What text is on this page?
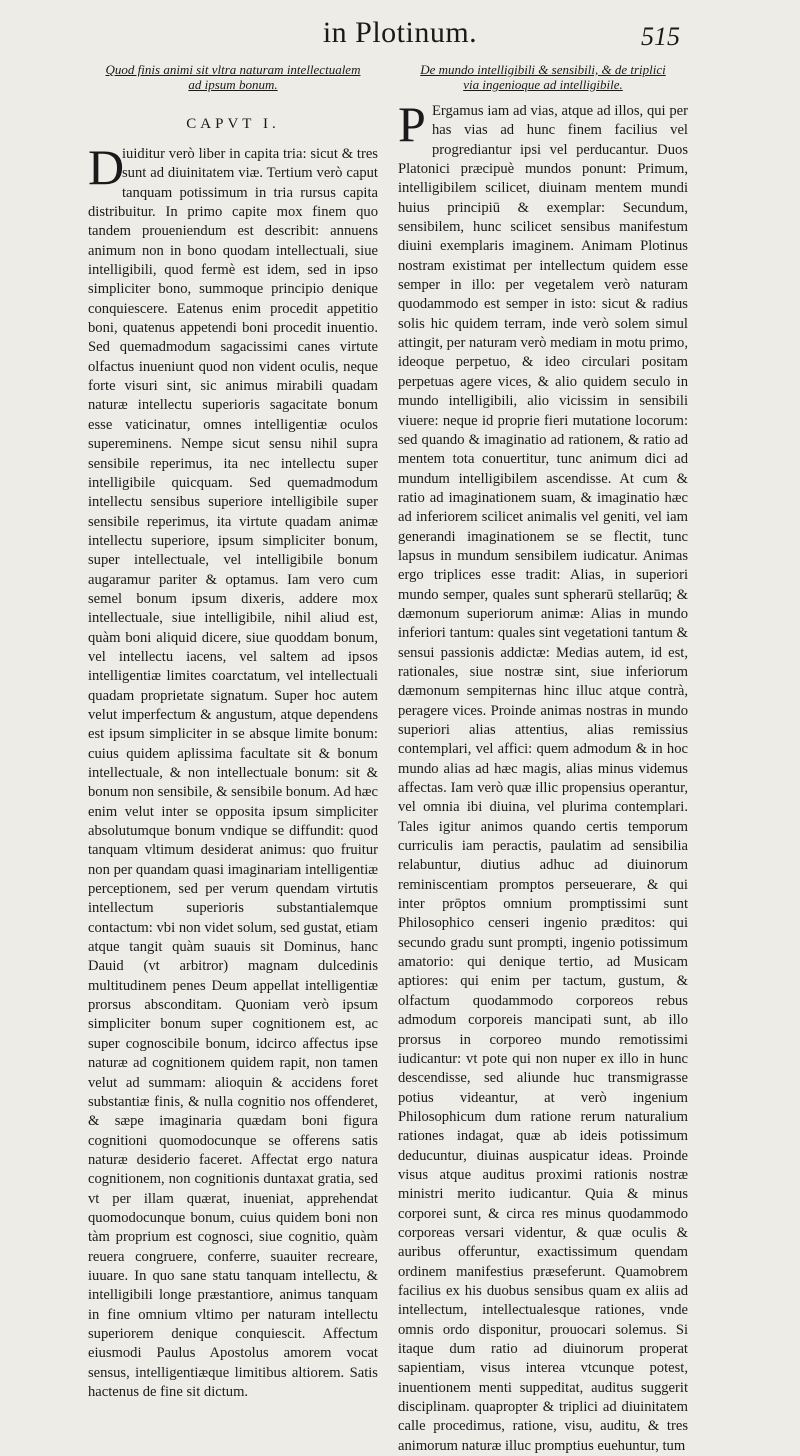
in Plotinum.	515

Quod finis animi sit vltra naturam intellectualem
ad ipsum bonum.

CAPVT I.

D
iuiditur verò liber in capita tria: sicut & tres sunt ad diuinitatem viæ. Tertium verò caput tanquam potissimum in tria rursus capita distribuitur. In primo capite mox finem quo tandem proueniendum est describit: annuens animum non in bono quodam intellectuali, siue intelligibili, quod fermè est idem, sed in ipso simpliciter bono, summoque principio denique conquiescere. Eatenus enim procedit appetitio boni, quatenus appetendi boni procedit inuentio. Sed quemadmodum sagacissimi canes virtute olfactus inueniunt quod non vident oculis, neque forte visuri sint, sic animus mirabili quadam naturæ intellectu superioris sagacitate bonum esse vaticinatur, omnes intelligentiæ oculos supereminens. Nempe sicut sensu nihil supra sensibile reperimus, ita nec intellectu super intelligibile quicquam. Sed quemadmodum intellectu sensibus superiore intelligibile super sensibile reperimus, ita virtute quadam animæ intellectu superiore, ipsum simpliciter bonum, super intellectuale, vel intelligibile bonum augaramur pariter & optamus. Iam vero cum semel bonum ipsum dixeris, addere mox intellectuale, siue intelligibile, nihil aliud est, quàm boni aliquid dicere, siue quoddam bonum, vel intellectu iacens, vel saltem ad ipsos intelligentiæ limites coarctatum, vel intellectuali quadam proprietate signatum. Super hoc autem velut imperfectum & angustum, atque dependens est ipsum simpliciter in se absque limite bonum: cuius quidem aplissima facultate sit & bonum intellectuale, & non intellectuale bonum: sit & bonum non sensibile, & sensibile bonum. Ad hæc enim velut inter se opposita ipsum simpliciter absolutumque bonum vndique se diffundit: quod tanquam vltimum desiderat animus: quo fruitur non per quandam quasi imaginariam intelligentiæ perceptionem, sed per verum quendam virtutis intellectum superioris substantialemque contactum: vbi non videt solum, sed gustat, etiam atque tangit quàm suauis sit Dominus, hanc Dauid (vt arbitror) magnam dulcedinis multitudinem penes Deum appellat intelligentiæ prorsus absconditam. Quoniam verò ipsum simpliciter bonum super cognitionem est, ac super cognoscibile bonum, idcirco affectus ipse naturæ ad cognitionem quidem rapit, non tamen velut ad summam: alioquin & accidens foret substantiæ finis, & nulla cognitio nos offenderet, & sæpe imaginaria quædam boni figura cognitioni quomodocunque se offerens satis naturæ desiderio faceret. Affectat ergo natura cognitionem, non cognitionis duntaxat gratia, sed vt per illam quærat, inueniat, apprehendat quomodocunque bonum, cuius quidem boni non tàm proprium est cognosci, siue cognitio, quàm reuera congruere, conferre, suauiter recreare, iuuare. In quo sane statu tanquam intellectu, & intelligibili longe præstantiore, animus tanquam in fine omnium vltimo per naturam intellectu superiorem denique conquiescit. Affectum eiusmodi Paulus Apostolus amorem vocat sensus, intelligentiæque limitibus altiorem. Satis hactenus de fine sit dictum.

De mundo intelligibili & sensibili, & de triplici
via ingenioque ad intelligibile.

P Ergamus iam ad vias, atque ad illos, qui per has vias ad hunc finem facilius vel progrediantur ipsi vel perducantur. Duos Platonici præcipuè mundos ponunt: Primum, intelligibilem scilicet, diuinam mentem mundi huius principiū & exemplar: Secundum, sensibilem, hunc scilicet sensibus manifestum diuini exemplaris imaginem. Animam Plotinus nostram existimat per intellectum quidem esse semper in illo: per vegetalem verò naturam quodammodo est semper in isto: sicut & radius solis hic quidem terram, inde verò solem simul attingit, per naturam verò mediam in motu primo, ideoque perpetuo, & ideo circulari positam perpetuas agere vices, & alio quidem seculo in mundo intelligibili, alio vicissim in sensibili viuere: neque id proprie fieri mutatione locorum: sed quando & imaginatio ad rationem, & ratio ad mentem tota conuertitur, tunc animum dici ad mundum intelligibilem ascendisse. At cum & ratio ad imaginationem suam, & imaginatio hæc ad inferiorem scilicet animalis vel geniti, vel iam generandi imaginationem se se flectit, tunc lapsus in mundum sensibilem iudicatur. Animas ergo triplices esse tradit: Alias, in superiori mundo semper, quales sunt spherarū stellarūq; & dæmonum superiorum animæ: Alias in mundo inferiori tantum: quales sint vegetationi tantum & sensui passionis addictæ: Medias autem, id est, rationales, siue nostræ sint, siue inferiorum dæmonum sempiternas hinc illuc atque contrà, peragere vices. Proinde animas nostras in mundo superiori alias attentius, alias remissius contemplari, vel affici: quem admodum & in hoc mundo alias ad hæc magis, alias minus videmus affectas. Iam verò quæ illic propensius operantur, vel omnia ibi diuina, vel plurima contemplari. Tales igitur animos quando certis temporum curriculis iam peractis, paulatim ad sensibilia relabuntur, diutius adhuc ad diuinorum reminiscentiam promptos perseuerare, & qui inter prōptos omnium promptissimi sunt Philosophico censeri ingenio præditos: qui secundo gradu sunt prompti, ingenio potissimum amatorio: qui denique tertio, ad Musicam aptiores: qui enim per tactum, gustum, & olfactum quodammodo corporeos rebus admodum corporeis mancipati sunt, ab illo prorsus in corporeo mundo remotissimi iudicantur: vt pote qui non nuper ex illo in hunc descendisse, sed aliunde huc transmigrasse potius videantur, at verò ingenium Philosophicum dum ratione rerum naturalium rationes indagat, quæ ab ideis potissimum deducuntur, diuinas auspicatur ideas. Proinde visus atque auditus proximi rationis nostræ ministri merito iudicantur. Quia & minus corporei sunt, & circa res minus quodammodo corporeas versari videntur, & quæ oculis & auribus offeruntur, exactissimum quendam ordinem manifestius præseferunt. Quamobrem facilius ex his duobus sensibus quam ex aliis ad intellectum, intellectualesque rationes, vnde omnis ordo disponitur, prouocari solemus. Si itaque dum ratio ad diuinorum properat sapientiam, visus interea vtcunque potest, inuentionem menti suppeditat, auditus suggerit disciplinam. quapropter & triplici ad diuinitatem calle procedimus, ratione, visu, auditu, & tres animorum naturæ illuc promptius euehuntur, tum
